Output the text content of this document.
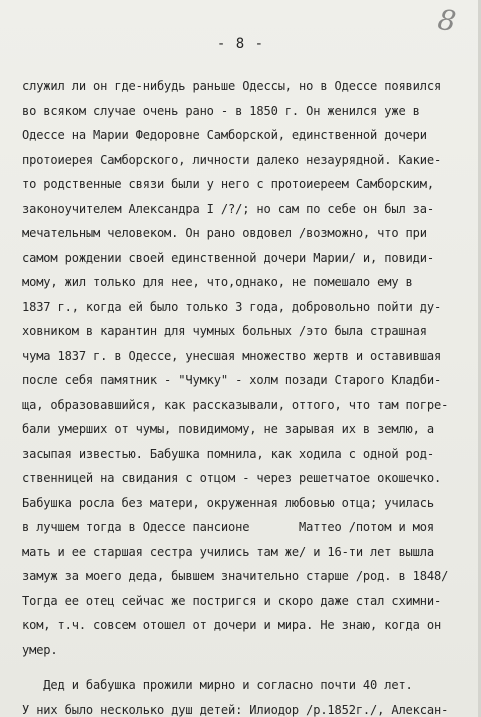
- 8 -
8
служил ли он где-нибудь раньше Одессы, но в Одессе появился
во всяком случае очень рано - в 1850 г. Он женился уже в
Одессе на Марии Федоровне Самборской, единственной дочери
протоиерея Самборского, личности далеко незаурядной. Какие-
то родственные связи были у него с протоиереем Самборским,
законоучителем Александра I /?/; но сам по себе он был за-
мечательным человеком. Он рано овдовел /возможно, что при
самом рождении своей единственной дочери Марии/ и, повиди-
мому, жил только для нее, что,однако, не помешало ему в
1837 г., когда ей было только 3 года, добровольно пойти ду-
ховником в карантин для чумных больных /это была страшная
чума 1837 г. в Одессе, унесшая множество жертв и оставившая
после себя памятник - "Чумку" - холм позади Старого Кладби-
ща, образовавшийся, как рассказывали, оттого, что там погре-
бали умерших от чумы, повидимому, не зарывая их в землю, а
засыпая известью. Бабушка помнила, как ходила с одной род-
ственницей на свидания с отцом - через решетчатое окошечко.
Бабушка росла без матери, окруженная любовью отца; училась
в лучшем тогда в Одессе пансионе       Маттео /потом и моя
мать и ее старшая сестра учились там же/ и 16-ти лет вышла
замуж за моего деда, бывшем значительно старше /род. в 1848/
Тогда ее отец сейчас же постригся и скоро даже стал схимни-
ком, т.ч. совсем отошел от дочери и мира. Не знаю, когда он
умер.
Дед и бабушка прожили мирно и согласно почти 40 лет.
У них было несколько душ детей: Илиодор /р.1852г./, Алексан-
